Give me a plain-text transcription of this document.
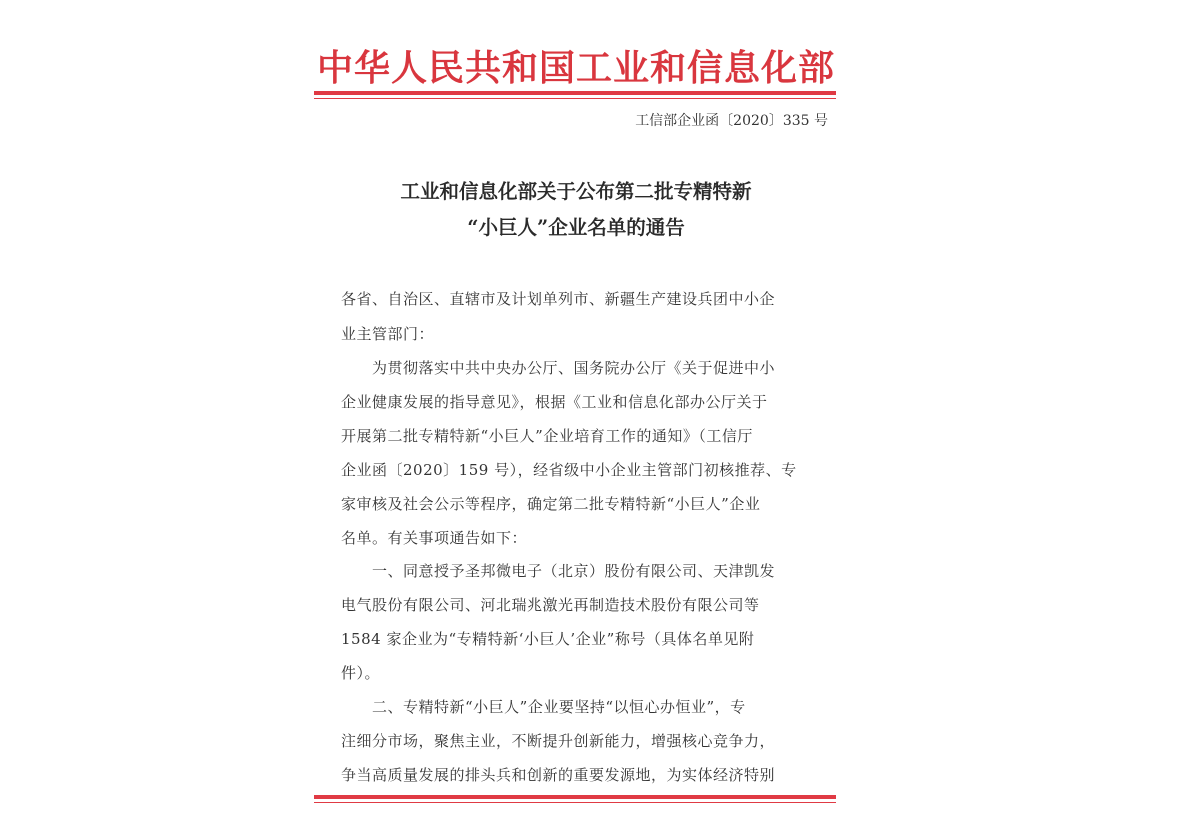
中华人民共和国工业和信息化部
工信部企业函〔2020〕335 号
工业和信息化部关于公布第二批专精特新
“小巨人”企业名单的通告
各省、自治区、直辖市及计划单列市、新疆生产建设兵团中小企
业主管部门：
为贯彻落实中共中央办公厅、国务院办公厅《关于促进中小
企业健康发展的指导意见》，根据《工业和信息化部办公厅关于
开展第二批专精特新“小巨人”企业培育工作的通知》（工信厅
企业函〔2020〕159 号），经省级中小企业主管部门初核推荐、专
家审核及社会公示等程序，确定第二批专精特新“小巨人”企业
名单。有关事项通告如下：
一、同意授予圣邦微电子（北京）股份有限公司、天津凯发
电气股份有限公司、河北瑞兆激光再制造技术股份有限公司等
1584 家企业为“专精特新‘小巨人’企业”称号（具体名单见附
件）。
二、专精特新“小巨人”企业要坚持“以恒心办恒业”，专
注细分市场，聚焦主业，不断提升创新能力，增强核心竞争力，
争当高质量发展的排头兵和创新的重要发源地，为实体经济特别
